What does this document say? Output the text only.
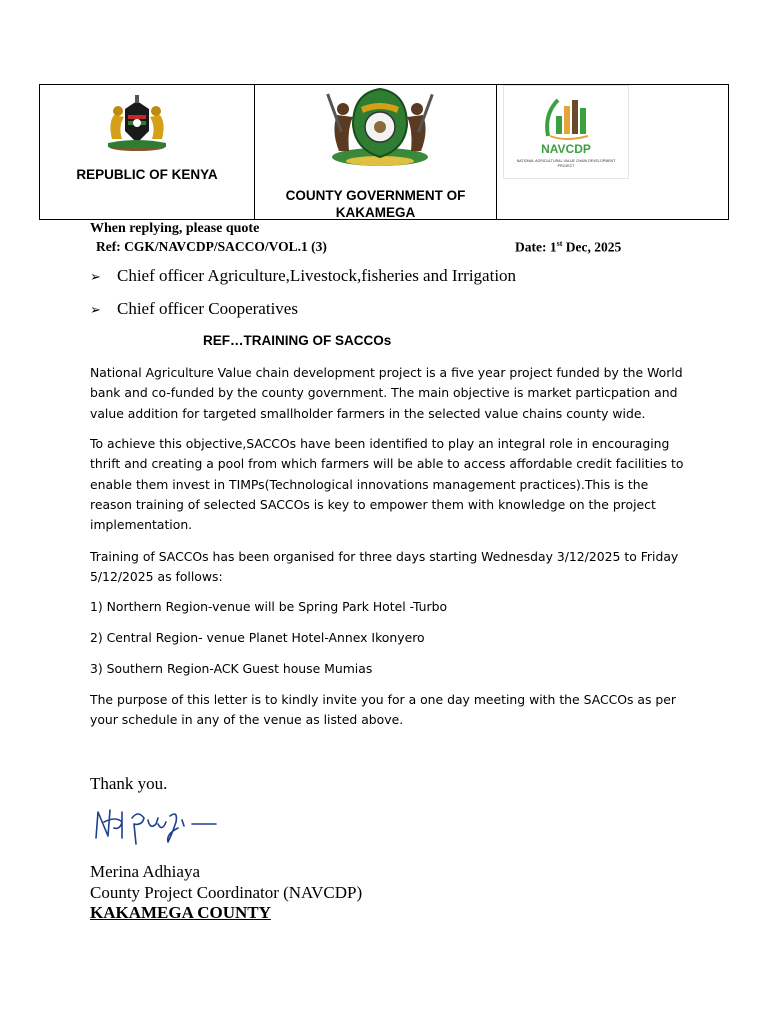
REPUBLIC OF KENYA
COUNTY GOVERNMENT OF KAKAMEGA
NAVCDP
NATIONAL AGRICULTURAL VALUE CHAIN DEVELOPMENT PROJECT
When replying, please quote
Ref: CGK/NAVCDP/SACCO/VOL.1 (3)	Date: 1st Dec, 2025
➢ Chief officer Agriculture,Livestock,fisheries and Irrigation
➢ Chief officer Cooperatives
REF…TRAINING OF SACCOs

National Agriculture Value chain development project is a five year project funded by the World bank and co-funded by the county government. The main objective is market particpation and value addition for targeted smallholder farmers in the selected value chains county wide.

To achieve this objective,SACCOs have been identified to play an integral role in encouraging thrift and creating a pool from which farmers will be able to access affordable credit facilities to enable them invest in TIMPs(Technological innovations management practices).This is the reason training of selected SACCOs is key to empower them with knowledge on the project implementation.

Training of SACCOs has been organised for three days starting Wednesday 3/12/2025 to Friday 5/12/2025 as follows:

1) Northern Region-venue will be Spring Park Hotel -Turbo

2) Central Region- venue Planet Hotel-Annex Ikonyero

3) Southern Region-ACK Guest house Mumias

The purpose of this letter is to kindly invite you for a one day meeting with the SACCOs as per your schedule in any of the venue as listed above.

Thank you.
Merina Adhiaya
County Project Coordinator (NAVCDP)
KAKAMEGA COUNTY
